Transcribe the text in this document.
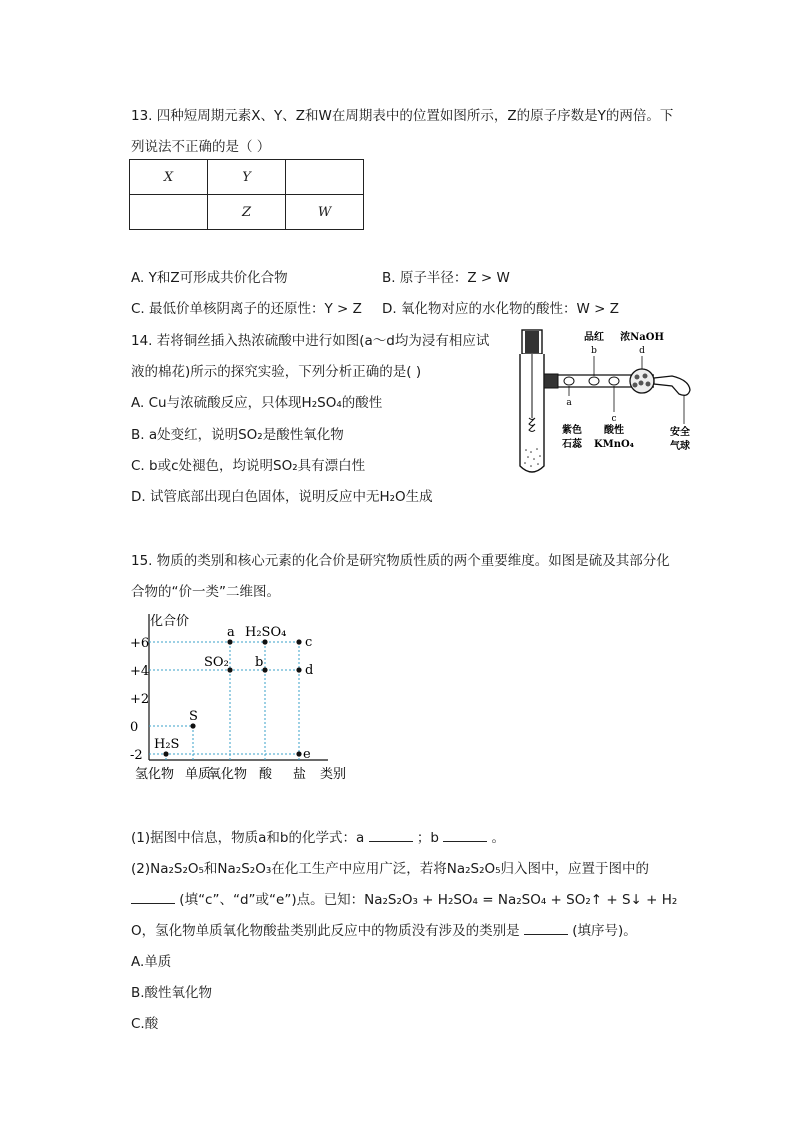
13. 四种短周期元素X、Y、Z和W在周期表中的位置如图所示，Z的原子序数是Y的两倍。下
列说法不正确的是（ ）
X	Y	
	Z	W
A. Y和Z可形成共价化合物	B. 原子半径：Z > W
C. 最低价单核阴离子的还原性：Y > Z D. 氧化物对应的水化物的酸性：W > Z
14. 若将铜丝插入热浓硫酸中进行如图(a～d均为浸有相应试
液的棉花)所示的探究实验，下列分析正确的是( )
A. Cu与浓硫酸反应，只体现H₂SO₄的酸性
B. a处变红，说明SO₂是酸性氧化物
C. b或c处褪色，均说明SO₂具有漂白性
D. 试管底部出现白色固体，说明反应中无H₂O生成
品红
b
浓NaOH
d
a
紫色
石蕊
c
酸性
KMnO₄
安全
气球
15. 物质的类别和核心元素的化合价是研究物质性质的两个重要维度。如图是硫及其部分化
合物的“价一类”二维图。
化合价
类别
+6
+4
+2
0
-2
氢化物 单质
氧化物 酸 盐
H₂S
S
SO₂
a
b
H₂SO₄
c
d
e
(1)据图中信息，物质a和b的化学式：a	；b	。
(2)Na₂S₂O₅和Na₂S₂O₃在化工生产中应用广泛，若将Na₂S₂O₅归入图中，应置于图中的
(填“c”、“d”或“e”)点。已知：Na₂S₂O₃ + H₂SO₄ = Na₂SO₄ + SO₂↑ + S↓ + H₂
O，氢化物单质氧化物酸盐类别此反应中的物质没有涉及的类别是	(填序号)。
A.单质
B.酸性氧化物
C.酸
